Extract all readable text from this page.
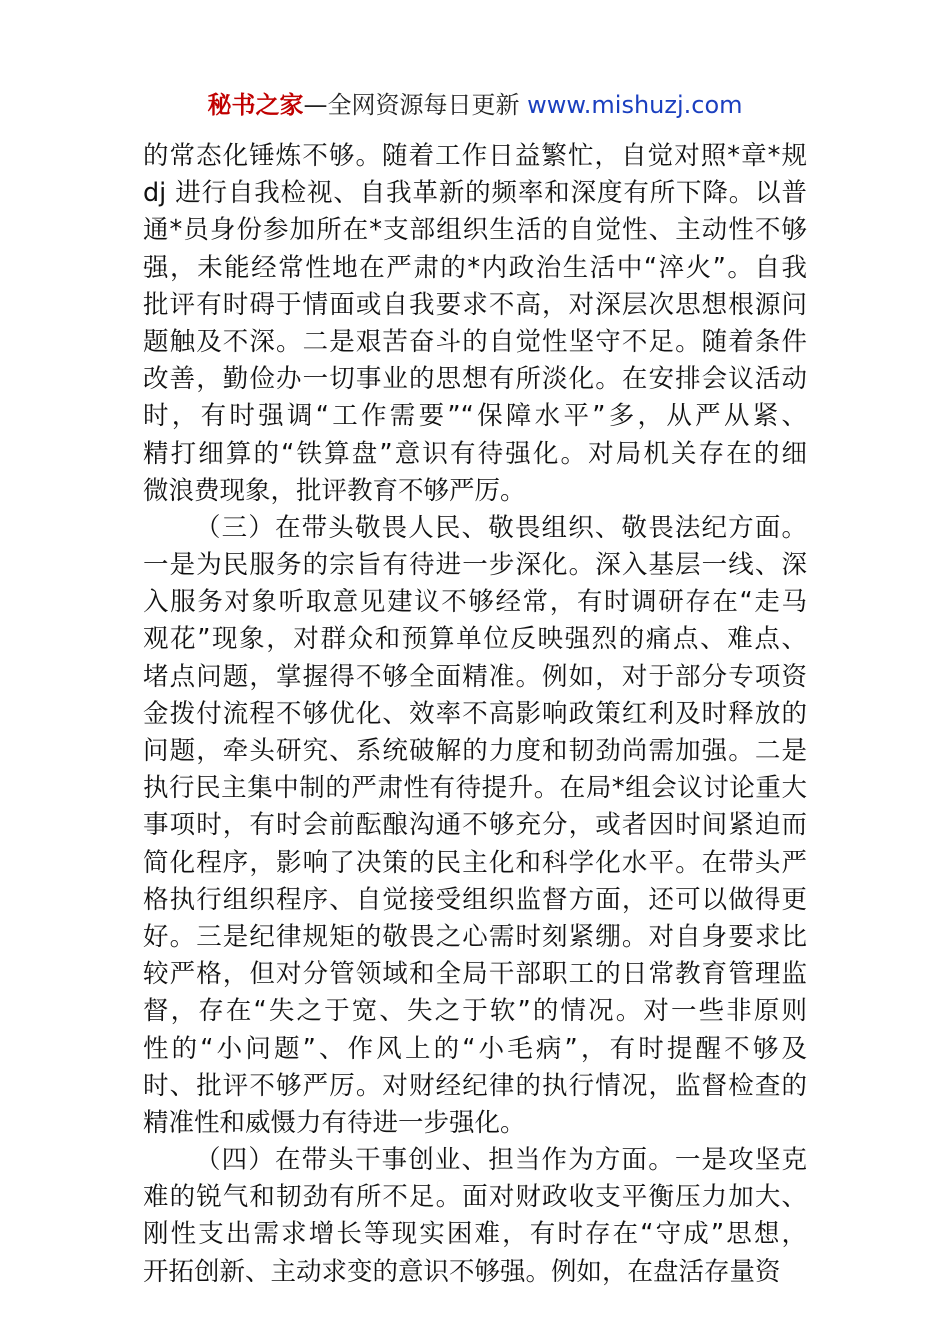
秘书之家—全网资源每日更新 www.mishuzj.com
的常态化锤炼不够。随着工作日益繁忙，自觉对照*章*规
dj 进行自我检视、自我革新的频率和深度有所下降。以普
通*员身份参加所在*支部组织生活的自觉性、主动性不够
强，未能经常性地在严肃的*内政治生活中“淬火”。自我
批评有时碍于情面或自我要求不高，对深层次思想根源问
题触及不深。二是艰苦奋斗的自觉性坚守不足。随着条件
改善，勤俭办一切事业的思想有所淡化。在安排会议活动
时，有时强调“工作需要”“保障水平”多，从严从紧、
精打细算的“铁算盘”意识有待强化。对局机关存在的细
微浪费现象，批评教育不够严厉。
（三）在带头敬畏人民、敬畏组织、敬畏法纪方面。
一是为民服务的宗旨有待进一步深化。深入基层一线、深
入服务对象听取意见建议不够经常，有时调研存在“走马
观花”现象，对群众和预算单位反映强烈的痛点、难点、
堵点问题，掌握得不够全面精准。例如，对于部分专项资
金拨付流程不够优化、效率不高影响政策红利及时释放的
问题，牵头研究、系统破解的力度和韧劲尚需加强。二是
执行民主集中制的严肃性有待提升。在局*组会议讨论重大
事项时，有时会前酝酿沟通不够充分，或者因时间紧迫而
简化程序，影响了决策的民主化和科学化水平。在带头严
格执行组织程序、自觉接受组织监督方面，还可以做得更
好。三是纪律规矩的敬畏之心需时刻紧绷。对自身要求比
较严格，但对分管领域和全局干部职工的日常教育管理监
督，存在“失之于宽、失之于软”的情况。对一些非原则
性的“小问题”、作风上的“小毛病”，有时提醒不够及
时、批评不够严厉。对财经纪律的执行情况，监督检查的
精准性和威慑力有待进一步强化。
（四）在带头干事创业、担当作为方面。一是攻坚克
难的锐气和韧劲有所不足。面对财政收支平衡压力加大、
刚性支出需求增长等现实困难，有时存在“守成”思想，
开拓创新、主动求变的意识不够强。例如，在盘活存量资
